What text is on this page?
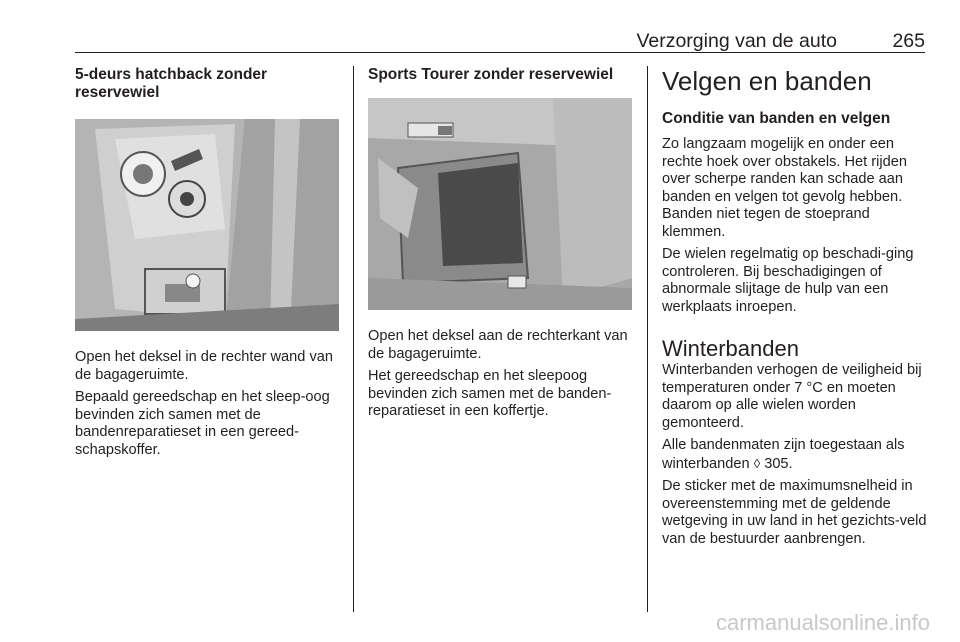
Verzorging van de auto	265
5-deurs hatchback zonder reservewiel

Open het deksel in de rechter wand van de bagageruimte.

Bepaald gereedschap en het sleep-oog bevinden zich samen met de bandenreparatieset in een gereed-schapskoffer.

Sports Tourer zonder reservewiel

Open het deksel aan de rechterkant van de bagageruimte.

Het gereedschap en het sleepoog bevinden zich samen met de banden-reparatieset in een koffertje.

Velgen en banden
Conditie van banden en velgen

Zo langzaam mogelijk en onder een rechte hoek over obstakels. Het rijden over scherpe randen kan schade aan banden en velgen tot gevolg hebben. Banden niet tegen de stoeprand klemmen.

De wielen regelmatig op beschadi-ging controleren. Bij beschadigingen of abnormale slijtage de hulp van een werkplaats inroepen.

Winterbanden

Winterbanden verhogen de veiligheid bij temperaturen onder 7 °C en moeten daarom op alle wielen worden gemonteerd.

Alle bandenmaten zijn toegestaan als winterbanden ◊ 305.

De sticker met de maximumsnelheid in overeenstemming met de geldende wetgeving in uw land in het gezichts-veld van de bestuurder aanbrengen.

carmanualsonline.info
